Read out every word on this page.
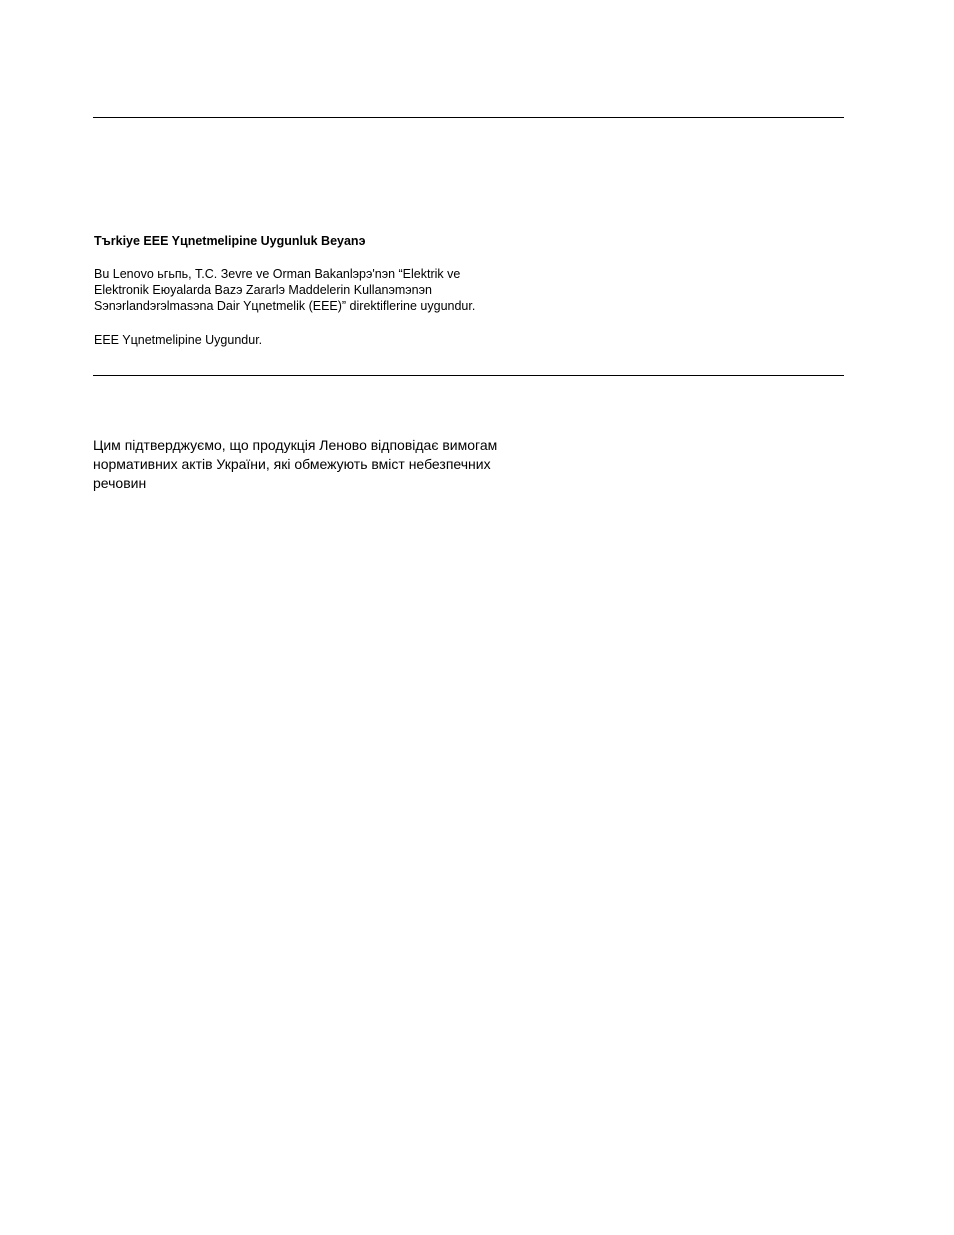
Tъrkiye EEE Yцnetmelipine Uygunluk Beyanэ
Bu Lenovo ьгьпь, T.C. Зevre ve Orman Bakanlэрэ'nэn “Elektrik ve
Elektronik Eюyalarda Bazэ Zararlэ Maddelerin Kullanэmэnэn
Sэnэrlandэrэlmasэna Dair Yцnetmelik (EEE)” direktiflerine uygundur.
EEE Yцnetmelipine Uygundur.
Цим підтверджуємо, що продукція Леново відповідає вимогам
нормативних актів України, які обмежують вміст небезпечних
речовин
